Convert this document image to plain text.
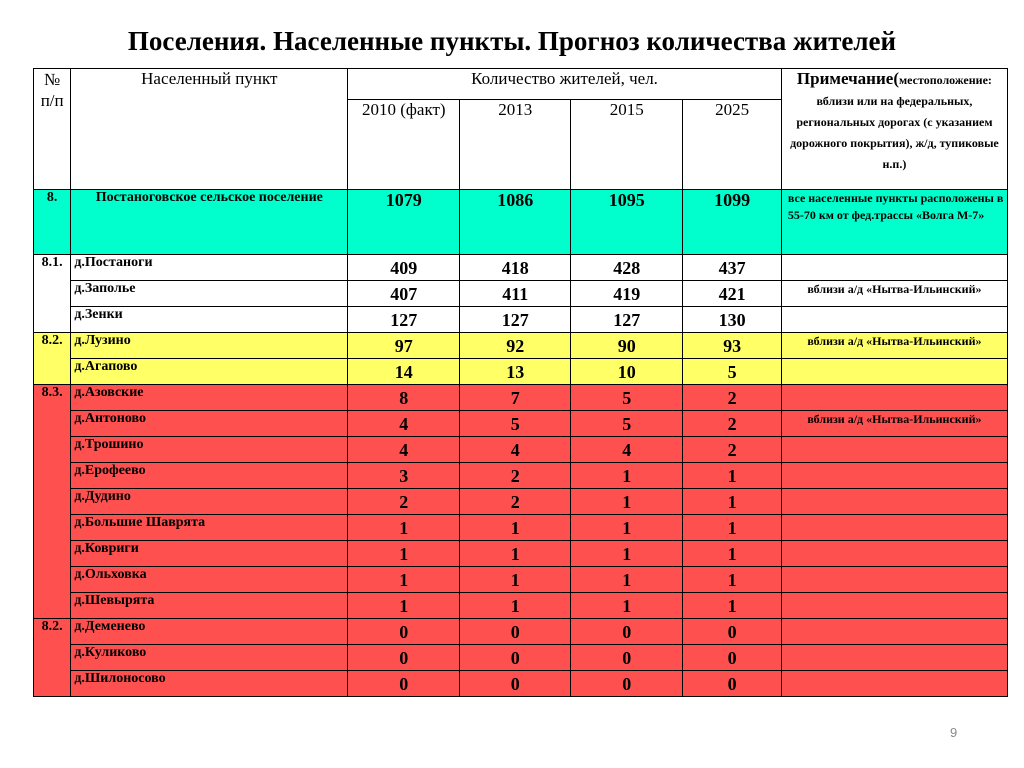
Поселения. Населенные пункты. Прогноз количества жителей
№ п/п	Населенный пункт	Количество жителей, чел.				Примечание(местоположение: вблизи или на федеральных, региональных дорогах (с указанием дорожного покрытия), ж/д, тупиковые н.п.)
		2010 (факт)	2013	2015	2025	
8.	Постаноговское сельское поселение	1079	1086	1095	1099	все населенные пункты расположены в 55-70 км от фед.трассы «Волга М-7»
8.1.	д.Постаноги	409	418	428	437	
	д.Заполье	407	411	419	421	вблизи а/д «Нытва-Ильинский»
	д.Зенки	127	127	127	130	
8.2.	д.Лузино	97	92	90	93	вблизи а/д «Нытва-Ильинский»
	д.Агапово	14	13	10	5	
8.3.	д.Азовские	8	7	5	2	
	д.Антоново	4	5	5	2	вблизи а/д «Нытва-Ильинский»
	д.Трошино	4	4	4	2	
	д.Ерофеево	3	2	1	1	
	д.Дудино	2	2	1	1	
	д.Большие Шаврята	1	1	1	1	
	д.Ковриги	1	1	1	1	
	д.Ольховка	1	1	1	1	
	д.Шевырята	1	1	1	1	
8.2.	д.Деменево	0	0	0	0	
	д.Куликово	0	0	0	0	
	д.Шилоносово	0	0	0	0	
9
